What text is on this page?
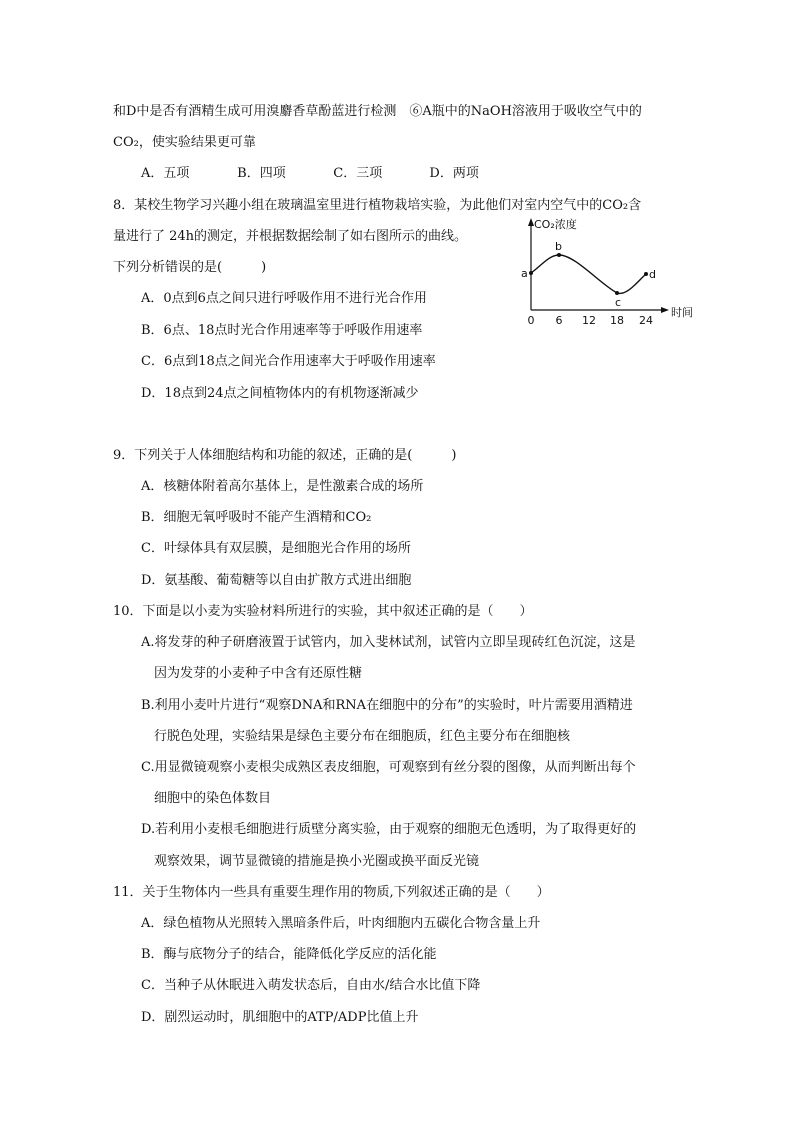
和D中是否有酒精生成可用溴麝香草酚蓝进行检测　⑥A瓶中的NaOH溶液用于吸收空气中的
CO₂，使实验结果更可靠
A．五项	B．四项	C．三项	D．两项
8．某校生物学习兴趣小组在玻璃温室里进行植物栽培实验，为此他们对室内空气中的CO₂含
量进行了 24h的测定，并根据数据绘制了如右图所示的曲线。
下列分析错误的是(　　　)
A．0点到6点之间只进行呼吸作用不进行光合作用
B．6点、18点时光合作用速率等于呼吸作用速率
C．6点到18点之间光合作用速率大于呼吸作用速率
D．18点到24点之间植物体内的有机物逐渐减少
CO₂浓度
时间
0 6 12 18 24
a
b
c
d
9．下列关于人体细胞结构和功能的叙述，正确的是(　　　)
A．核糖体附着高尔基体上，是性激素合成的场所
B．细胞无氧呼吸时不能产生酒精和CO₂
C．叶绿体具有双层膜，是细胞光合作用的场所
D．氨基酸、葡萄糖等以自由扩散方式进出细胞
10．下面是以小麦为实验材料所进行的实验，其中叙述正确的是（　　）
A.将发芽的种子研磨液置于试管内，加入斐林试剂，试管内立即呈现砖红色沉淀，这是
因为发芽的小麦种子中含有还原性糖
B.利用小麦叶片进行“观察DNA和RNA在细胞中的分布”的实验时，叶片需要用酒精进
行脱色处理，实验结果是绿色主要分布在细胞质，红色主要分布在细胞核
C.用显微镜观察小麦根尖成熟区表皮细胞，可观察到有丝分裂的图像，从而判断出每个
细胞中的染色体数目
D.若利用小麦根毛细胞进行质壁分离实验，由于观察的细胞无色透明，为了取得更好的
观察效果，调节显微镜的措施是换小光圈或换平面反光镜
11．关于生物体内一些具有重要生理作用的物质,下列叙述正确的是（　　）
A．绿色植物从光照转入黑暗条件后，叶肉细胞内五碳化合物含量上升
B．酶与底物分子的结合，能降低化学反应的活化能
C．当种子从休眠进入萌发状态后，自由水/结合水比值下降
D．剧烈运动时，肌细胞中的ATP/ADP比值上升
